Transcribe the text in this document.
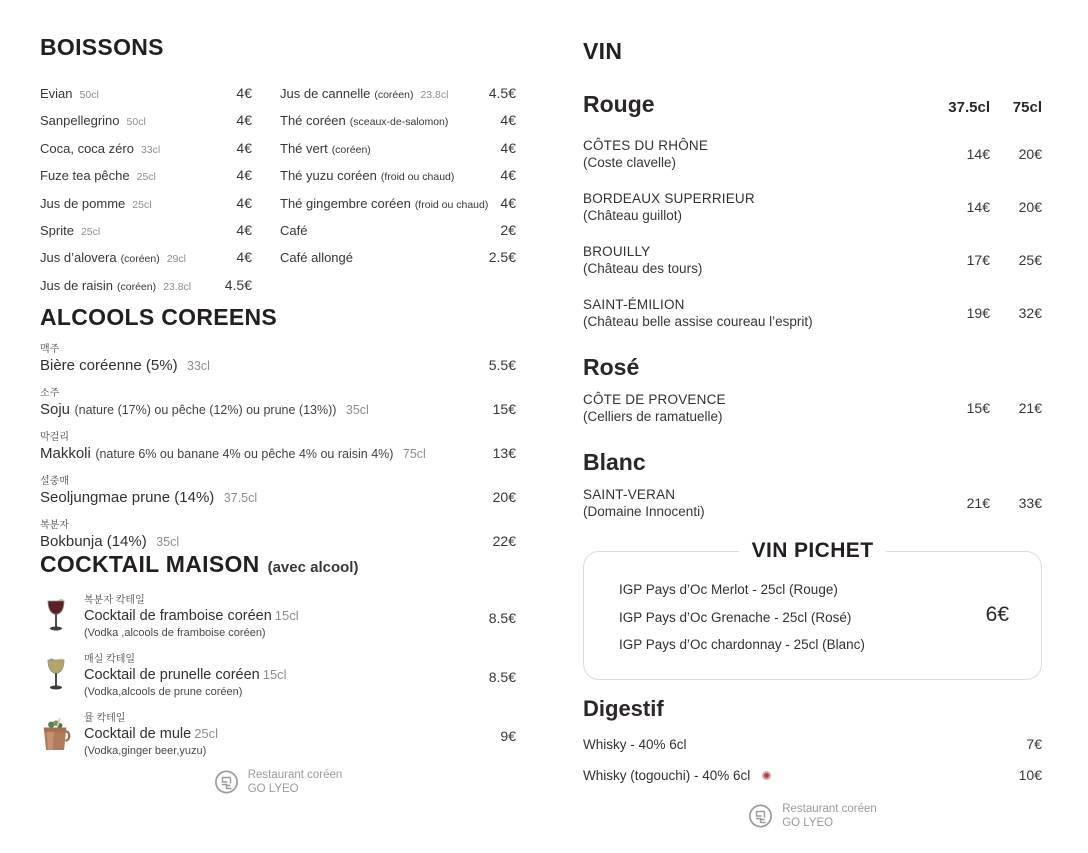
BOISSONS
Evian 50cl	4€
Sanpellegrino 50cl	4€
Coca, coca zéro 33cl	4€
Fuze tea pêche 25cl	4€
Jus de pomme 25cl	4€
Sprite 25cl	4€
Jus d’alovera (coréen) 29cl	4€
Jus de raisin (coréen) 23.8cl 4.5€
Jus de cannelle (coréen) 23.8cl	4.5€
Thé coréen (sceaux-de-salomon)	4€
Thé vert (coréen)	4€
Thé yuzu coréen (froid ou chaud)	4€
Thé gingembre coréen (froid ou chaud) 4€
Café	2€
Café allongé	2.5€
ALCOOLS COREENS
맥주
Bière coréenne (5%) 33cl	5.5€
소주
Soju (nature (17%) ou pêche (12%) ou prune (13%)) 35cl	15€
막걸리
Makkoli (nature 6% ou banane 4% ou pêche 4% ou raisin 4%) 75cl	13€
설중매
Seoljungmae prune (14%) 37.5cl	20€
복분자
Bokbunja (14%) 35cl	22€
COCKTAIL MAISON (avec alcool)
복분자 칵테일
Cocktail de framboise coréen 15cl
(Vodka ,alcools de framboise coréen)
8.5€
매실 칵테일
Cocktail de prunelle coréen 15cl
(Vodka,alcools de prune coréen)
8.5€
뮬 칵테일
Cocktail de mule 25cl
(Vodka,ginger beer,yuzu)
9€
Restaurant coréen
GO LYEO
VIN
Rouge	37.5cl	75cl
CÔTES DU RHÔNE
(Coste clavelle)
14€	20€
BORDEAUX SUPERRIEUR
(Château guillot)
14€	20€
BROUILLY
(Château des tours)
17€	25€
SAINT-ÉMILION
(Château belle assise coureau l’esprit)
19€	32€
Rosé
CÔTE DE PROVENCE
(Celliers de ramatuelle)
15€	21€
Blanc
SAINT-VERAN
(Domaine Innocenti)
21€	33€
VIN PICHET
IGP Pays d’Oc Merlot - 25cl (Rouge)
IGP Pays d’Oc Grenache - 25cl (Rosé)
IGP Pays d’Oc chardonnay - 25cl (Blanc)
6€
Digestif
Whisky - 40% 6cl	7€
Whisky (togouchi) - 40% 6cl	10€
Restaurant coréen
GO LYEO
